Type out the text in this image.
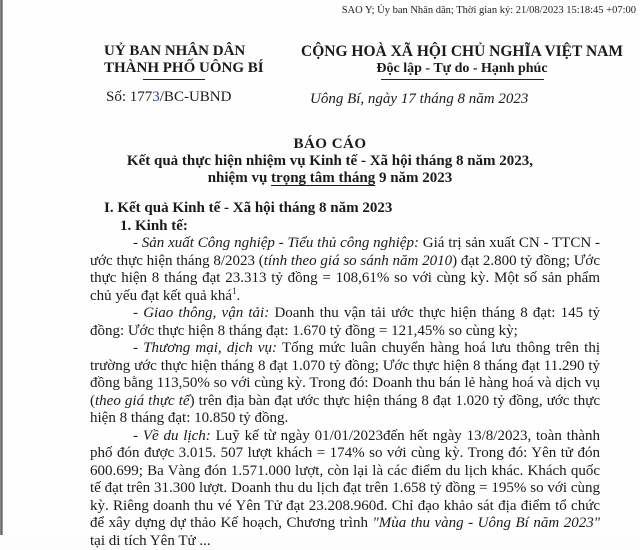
SAO Y; Ủy ban Nhân dân; Thời gian ký: 21/08/2023 15:18:45 +07:00
UỶ BAN NHÂN DÂN
THÀNH PHỐ UÔNG BÍ
Số: 1773/BC-UBND
CỘNG HOÀ XÃ HỘI CHỦ NGHĨA VIỆT NAM
Độc lập - Tự do - Hạnh phúc
Uông Bí, ngày 17 tháng 8 năm 2023
BÁO CÁO
Kết quả thực hiện nhiệm vụ Kinh tế - Xã hội tháng 8 năm 2023,
nhiệm vụ trọng tâm tháng 9 năm 2023
I. Kết quả Kinh tế - Xã hội tháng 8 năm 2023
1. Kinh tế:
- Sản xuất Công nghiệp - Tiểu thủ công nghiệp: Giá trị sản xuất CN - TTCN - ước thực hiện tháng 8/2023 (tính theo giá so sánh năm 2010) đạt 2.800 tỷ đồng; Ước thực hiện 8 tháng đạt 23.313 tỷ đồng = 108,61% so với cùng kỳ. Một số sản phẩm chủ yếu đạt kết quả khá$^1$.
- Giao thông, vận tải: Doanh thu vận tải ước thực hiện tháng 8 đạt: 145 tỷ đồng: Ước thực hiện 8 tháng đạt: 1.670 tỷ đồng = 121,45% so cùng kỳ;
- Thương mại, dịch vụ: Tổng mức luân chuyển hàng hoá lưu thông trên thị trường ước thực hiện tháng 8 đạt 1.070 tỷ đồng; Ước thực hiện 8 tháng đạt 11.290 tỷ đồng bằng 113,50% so với cùng kỳ. Trong đó: Doanh thu bán lẻ hàng hoá và dịch vụ (theo giá thực tế) trên địa bàn đạt ước thực hiện tháng 8 đạt 1.020 tỷ đồng, ước thực hiện 8 tháng đạt: 10.850 tỷ đồng.
- Về du lịch: Luỹ kế từ ngày 01/01/2023đến hết ngày 13/8/2023, toàn thành phố đón được 3.015. 507 lượt khách = 174% so với cùng kỳ. Trong đó: Yên tử đón 600.699; Ba Vàng đón 1.571.000 lượt, còn lại là các điểm du lịch khác. Khách quốc tế đạt trên 31.300 lượt. Doanh thu du lịch đạt trên 1.658 tỷ đồng = 195% so với cùng kỳ. Riêng doanh thu vé Yên Tử đạt 23.208.960đ. Chỉ đạo khảo sát địa điểm tổ chức để xây dựng dự thảo Kế hoạch, Chương trình "Mùa thu vàng - Uông Bí năm 2023" tại di tích Yên Tử ...
